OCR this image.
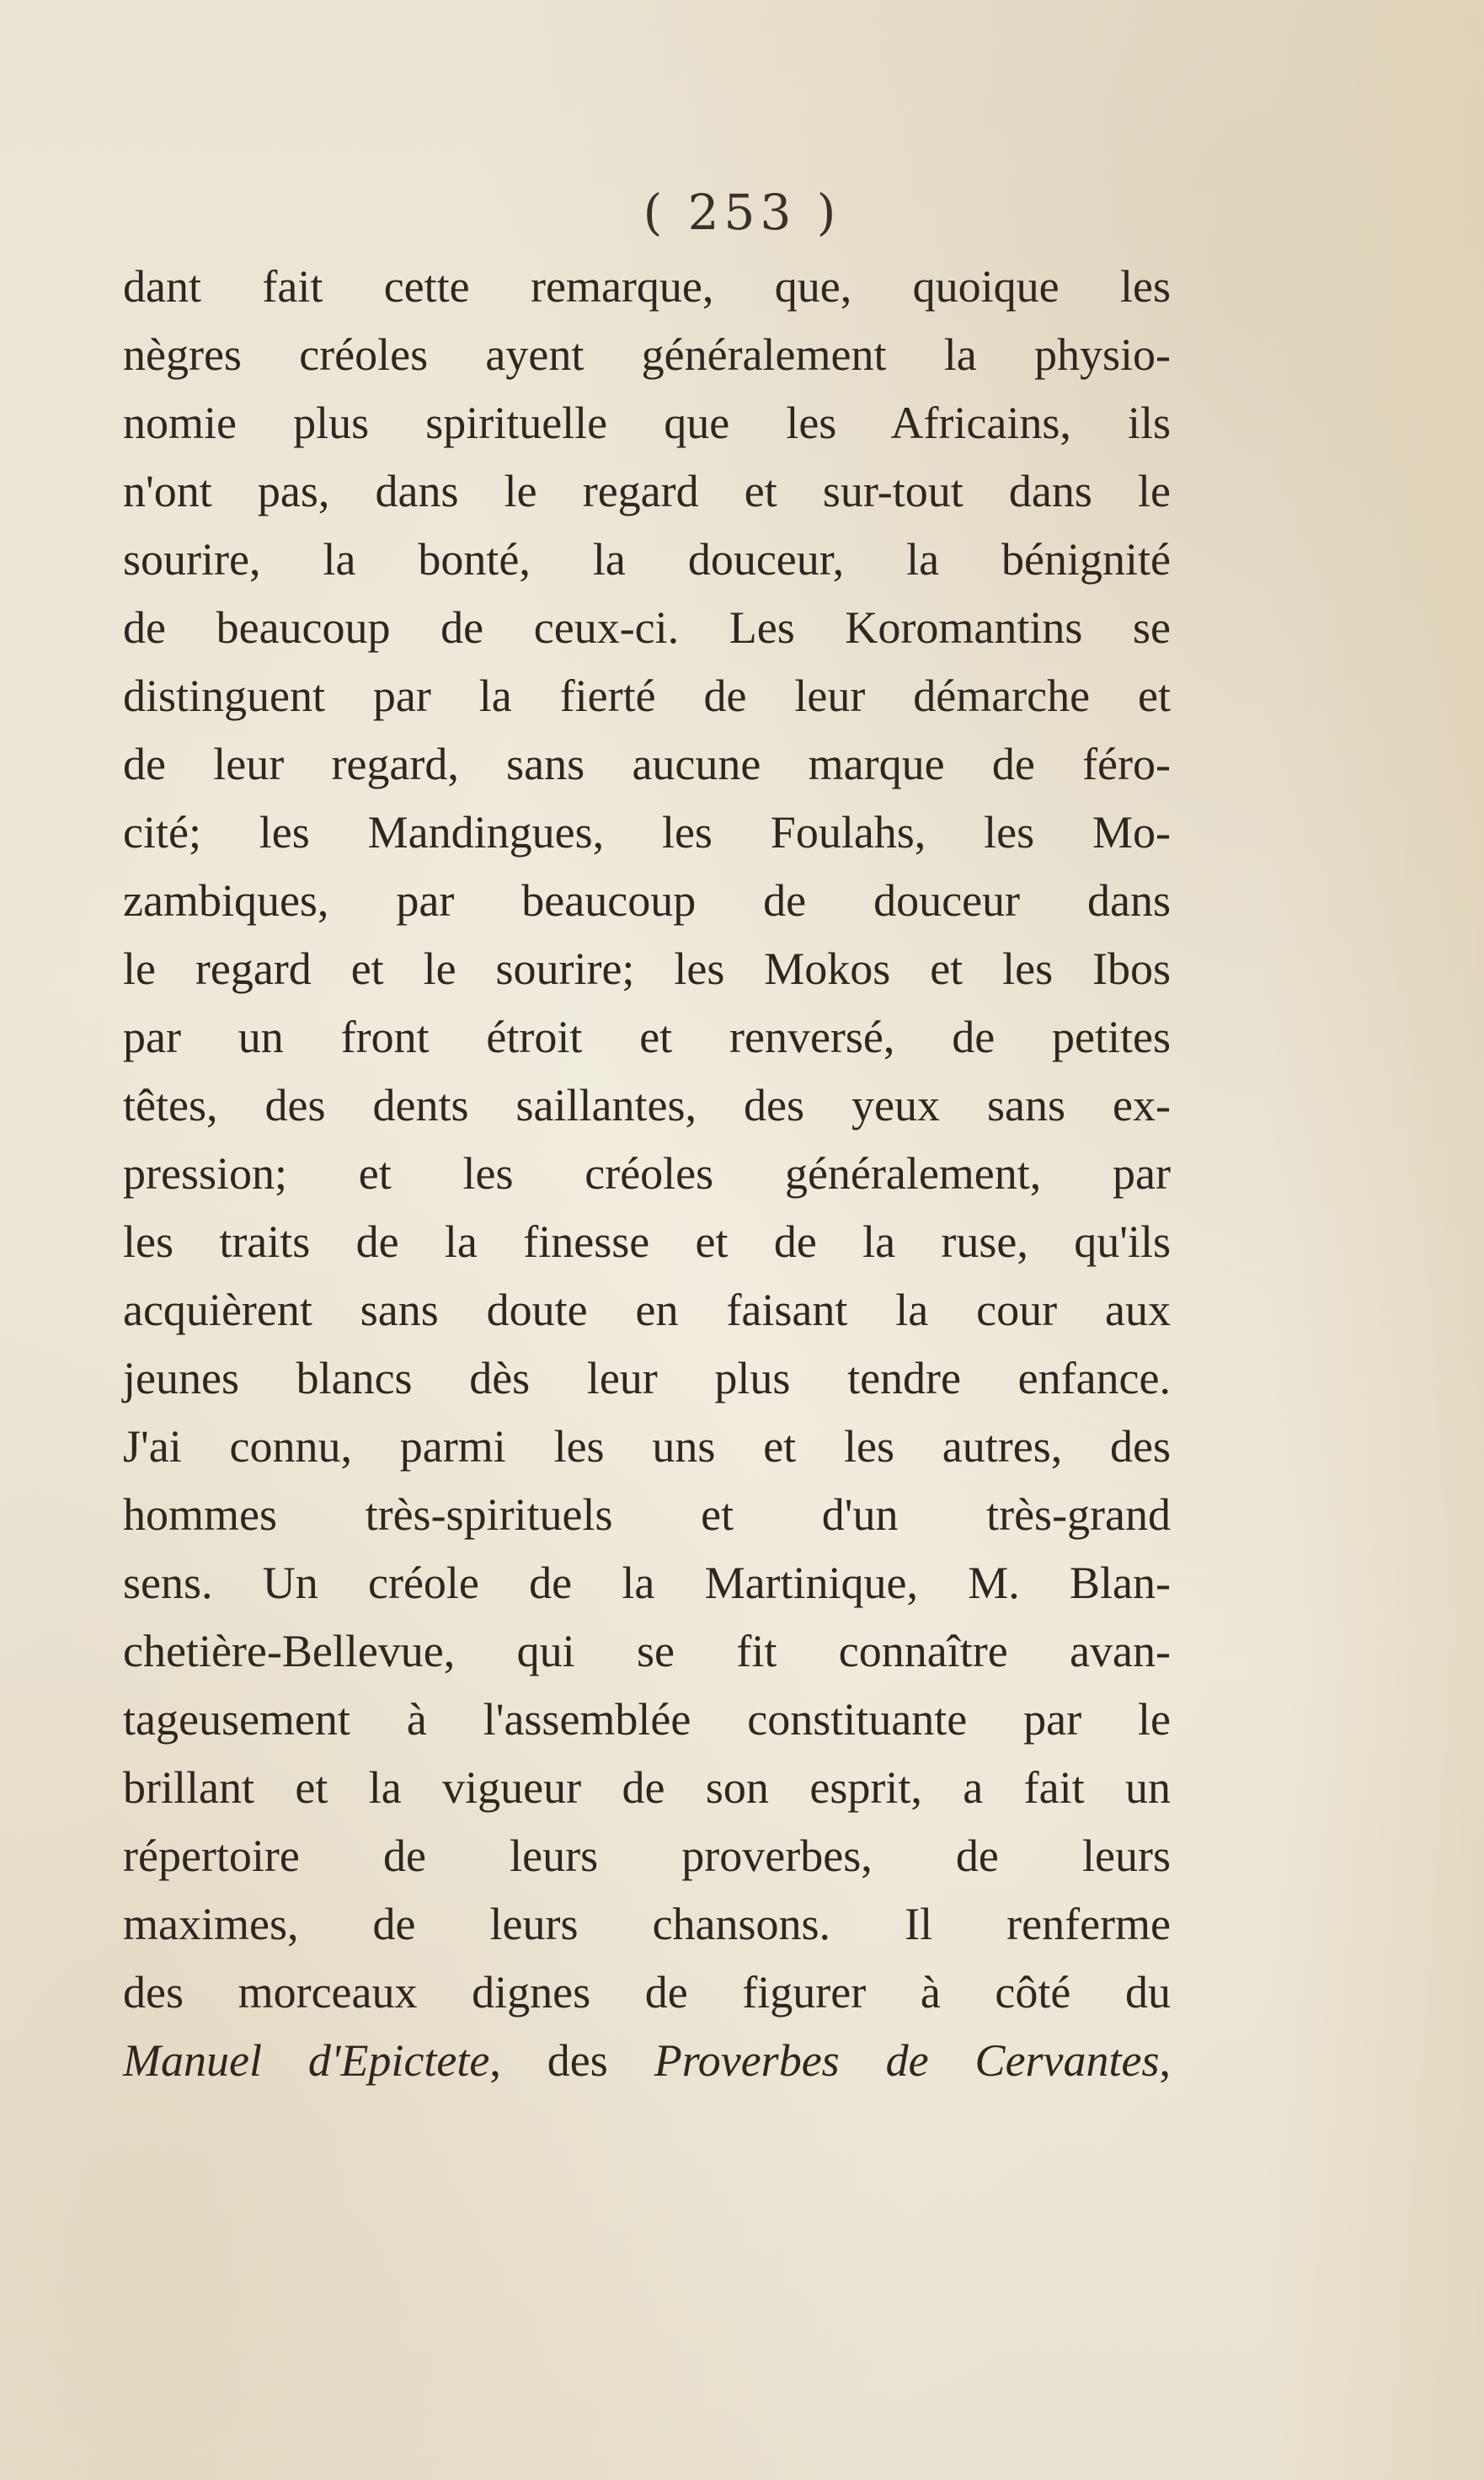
( 253 )
dant fait cette remarque, que, quoique les
nègres créoles ayent généralement la physio-
nomie plus spirituelle que les Africains, ils
n'ont pas, dans le regard et sur-tout dans le
sourire, la bonté, la douceur, la bénignité
de beaucoup de ceux-ci. Les Koromantins se
distinguent par la fierté de leur démarche et
de leur regard, sans aucune marque de féro-
cité; les Mandingues, les Foulahs, les Mo-
zambiques, par beaucoup de douceur dans
le regard et le sourire; les Mokos et les Ibos
par un front étroit et renversé, de petites
têtes, des dents saillantes, des yeux sans ex-
pression; et les créoles généralement, par
les traits de la finesse et de la ruse, qu'ils
acquièrent sans doute en faisant la cour aux
jeunes blancs dès leur plus tendre enfance.
J'ai connu, parmi les uns et les autres, des
hommes très-spirituels et d'un très-grand
sens. Un créole de la Martinique, M. Blan-
chetière-Bellevue, qui se fit connaître avan-
tageusement à l'assemblée constituante par le
brillant et la vigueur de son esprit, a fait un
répertoire de leurs proverbes, de leurs
maximes, de leurs chansons. Il renferme
des morceaux dignes de figurer à côté du
Manuel d'Epictete, des Proverbes de Cervantes,
